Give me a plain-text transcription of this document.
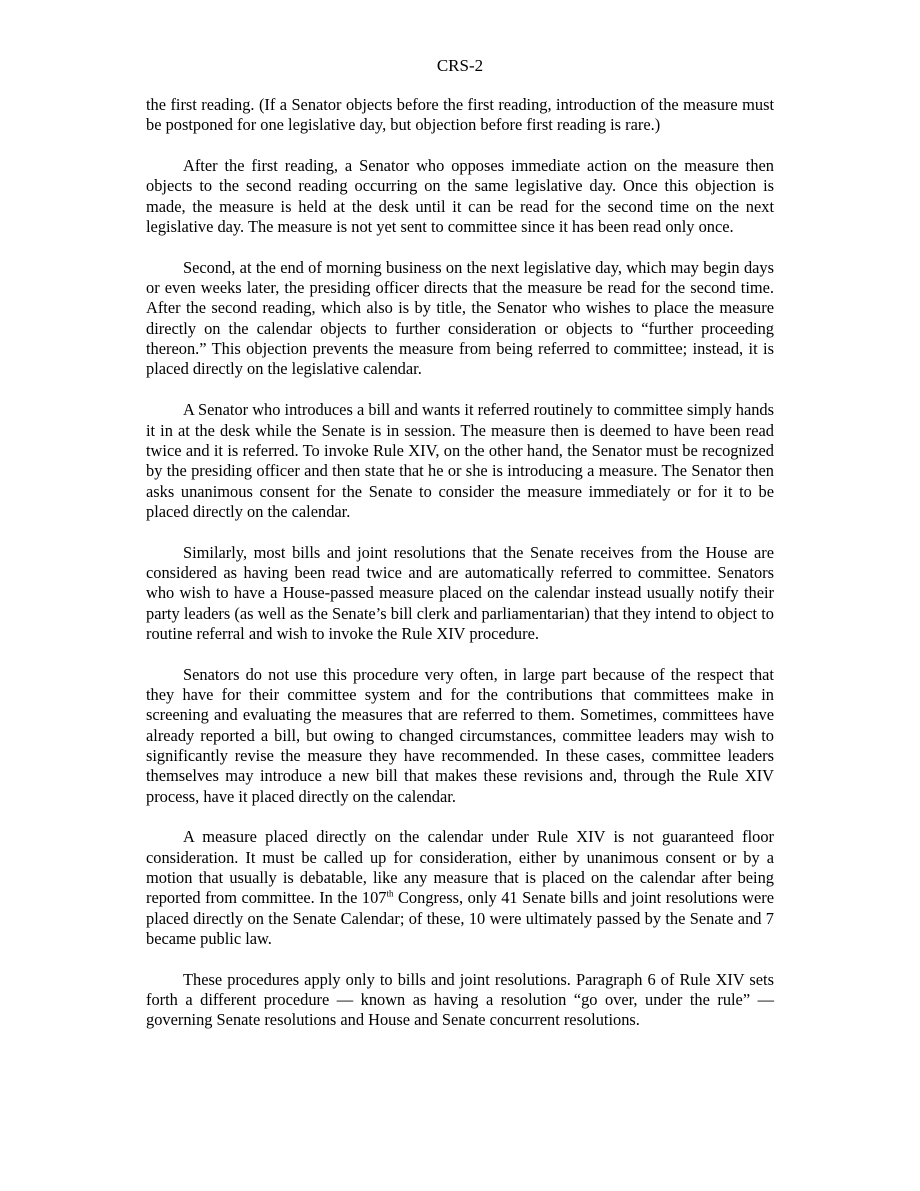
CRS-2

the first reading. (If a Senator objects before the first reading, introduction of the measure must be postponed for one legislative day, but objection before first reading is rare.)

After the first reading, a Senator who opposes immediate action on the measure then objects to the second reading occurring on the same legislative day. Once this objection is made, the measure is held at the desk until it can be read for the second time on the next legislative day. The measure is not yet sent to committee since it has been read only once.

Second, at the end of morning business on the next legislative day, which may begin days or even weeks later, the presiding officer directs that the measure be read for the second time. After the second reading, which also is by title, the Senator who wishes to place the measure directly on the calendar objects to further consideration or objects to “further proceeding thereon.” This objection prevents the measure from being referred to committee; instead, it is placed directly on the legislative calendar.

A Senator who introduces a bill and wants it referred routinely to committee simply hands it in at the desk while the Senate is in session. The measure then is deemed to have been read twice and it is referred. To invoke Rule XIV, on the other hand, the Senator must be recognized by the presiding officer and then state that he or she is introducing a measure. The Senator then asks unanimous consent for the Senate to consider the measure immediately or for it to be placed directly on the calendar.

Similarly, most bills and joint resolutions that the Senate receives from the House are considered as having been read twice and are automatically referred to committee. Senators who wish to have a House-passed measure placed on the calendar instead usually notify their party leaders (as well as the Senate’s bill clerk and parliamentarian) that they intend to object to routine referral and wish to invoke the Rule XIV procedure.

Senators do not use this procedure very often, in large part because of the respect that they have for their committee system and for the contributions that committees make in screening and evaluating the measures that are referred to them. Sometimes, committees have already reported a bill, but owing to changed circumstances, committee leaders may wish to significantly revise the measure they have recommended. In these cases, committee leaders themselves may introduce a new bill that makes these revisions and, through the Rule XIV process, have it placed directly on the calendar.

A measure placed directly on the calendar under Rule XIV is not guaranteed floor consideration. It must be called up for consideration, either by unanimous consent or by a motion that usually is debatable, like any measure that is placed on the calendar after being reported from committee. In the 107th Congress, only 41 Senate bills and joint resolutions were placed directly on the Senate Calendar; of these, 10 were ultimately passed by the Senate and 7 became public law.

These procedures apply only to bills and joint resolutions. Paragraph 6 of Rule XIV sets forth a different procedure — known as having a resolution “go over, under the rule” — governing Senate resolutions and House and Senate concurrent resolutions.
